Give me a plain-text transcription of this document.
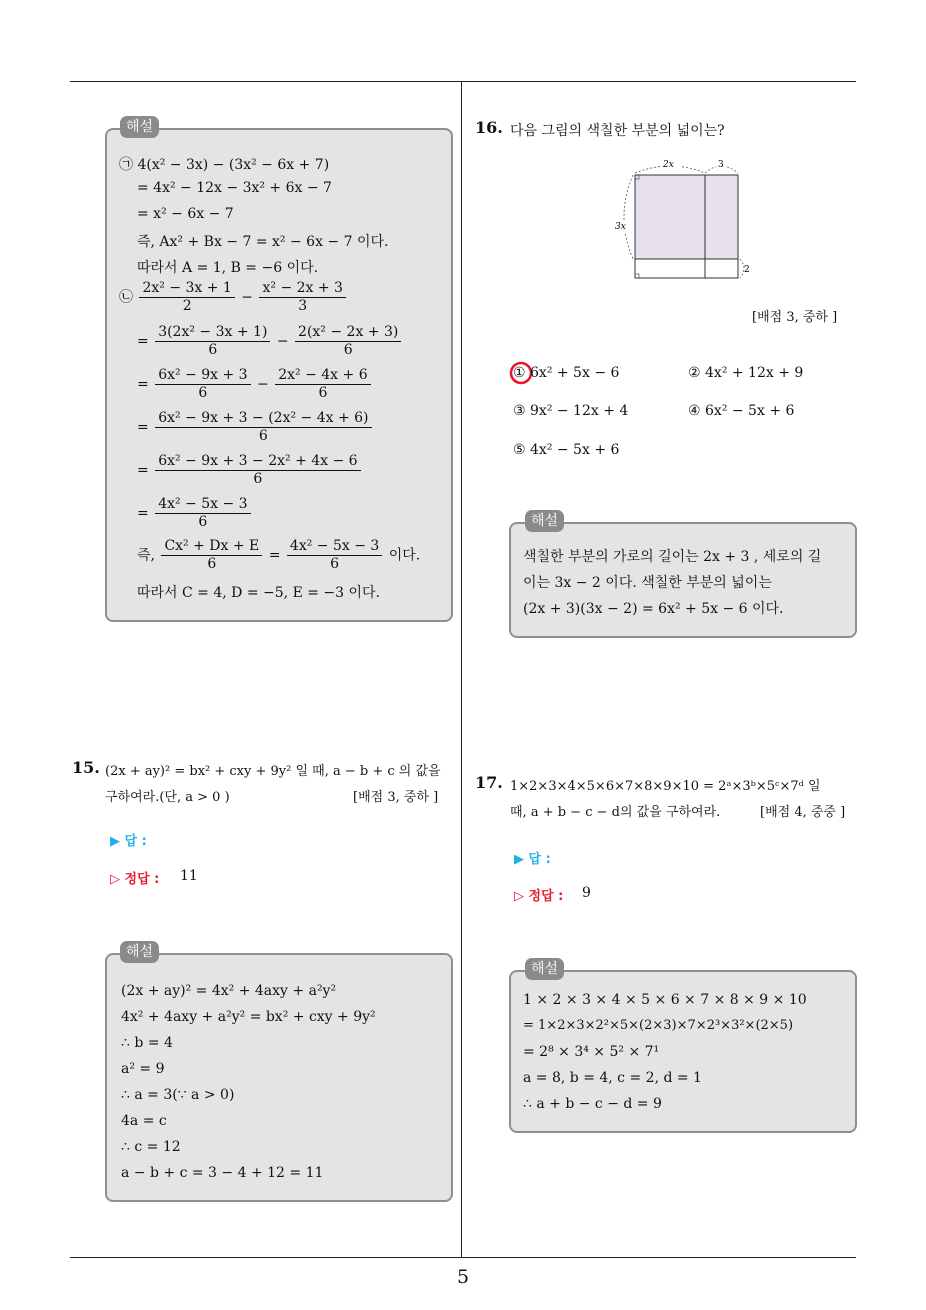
㉠ 4(x² − 3x) − (3x² − 6x + 7)
= 4x² − 12x − 3x² + 6x − 7
= x² − 6x − 7
즉, Ax² + Bx − 7 = x² − 6x − 7 이다.
따라서 A = 1, B = −6 이다.
㉡ $\frac{\text{2x² − 3x + 1}}{2} - \frac{\text{x² − 2x + 3}}{3}$
= $\frac{\text{3(2x² − 3x + 1)}}{6} - \frac{\text{2(x² − 2x + 3)}}{6}$
= $\frac{\text{6x² − 9x + 3}}{6} - \frac{\text{2x² − 4x + 6}}{6}$
= $\frac{\text{6x² − 9x + 3 − (2x² − 4x + 6)}}{6}$
= $\frac{\text{6x² − 9x + 3 − 2x² + 4x − 6}}{6}$
= $\frac{\text{4x² − 5x − 3}}{6}$
즉, $\frac{\text{Cx² + Dx + E}}{6} = \frac{\text{4x² − 5x − 3}}{6}$ 이다.
따라서 C = 4, D = −5, E = −3 이다.
해설
15. (2x + ay)² = bx² + cxy + 9y² 일 때, a − b + c 의 값을
구하여라.(단, a > 0 )	[배점 3, 중하 ]
▶ 답 :
▷ 정답 : 11
(2x + ay)² = 4x² + 4axy + a²y²
4x² + 4axy + a²y² = bx² + cxy + 9y²
∴ b = 4
a² = 9
∴ a = 3(∵ a > 0)
4a = c
∴ c = 12
a − b + c = 3 − 4 + 12 = 11
해설
16. 다음 그림의 색칠한 부분의 넓이는?
2x	3
3x
2
[배점 3, 중하 ]
① 6x² + 5x − 6	② 4x² + 12x + 9
③ 9x² − 12x + 4	④ 6x² − 5x + 6
⑤ 4x² − 5x + 6
색칠한 부분의 가로의 길이는 2x + 3 , 세로의 길
이는 3x − 2 이다. 색칠한 부분의 넓이는
(2x + 3)(3x − 2) = 6x² + 5x − 6 이다.
해설
17. 1×2×3×4×5×6×7×8×9×10 = 2ᵃ×3ᵇ×5ᶜ×7ᵈ 일
때, a + b − c − d의 값을 구하여라.	[배점 4, 중중 ]
▶ 답 :
▷ 정답 : 9
1 × 2 × 3 × 4 × 5 × 6 × 7 × 8 × 9 × 10
= 1×2×3×2²×5×(2×3)×7×2³×3²×(2×5)
= 2⁸ × 3⁴ × 5² × 7¹
a = 8, b = 4, c = 2, d = 1
∴ a + b − c − d = 9
해설
5
